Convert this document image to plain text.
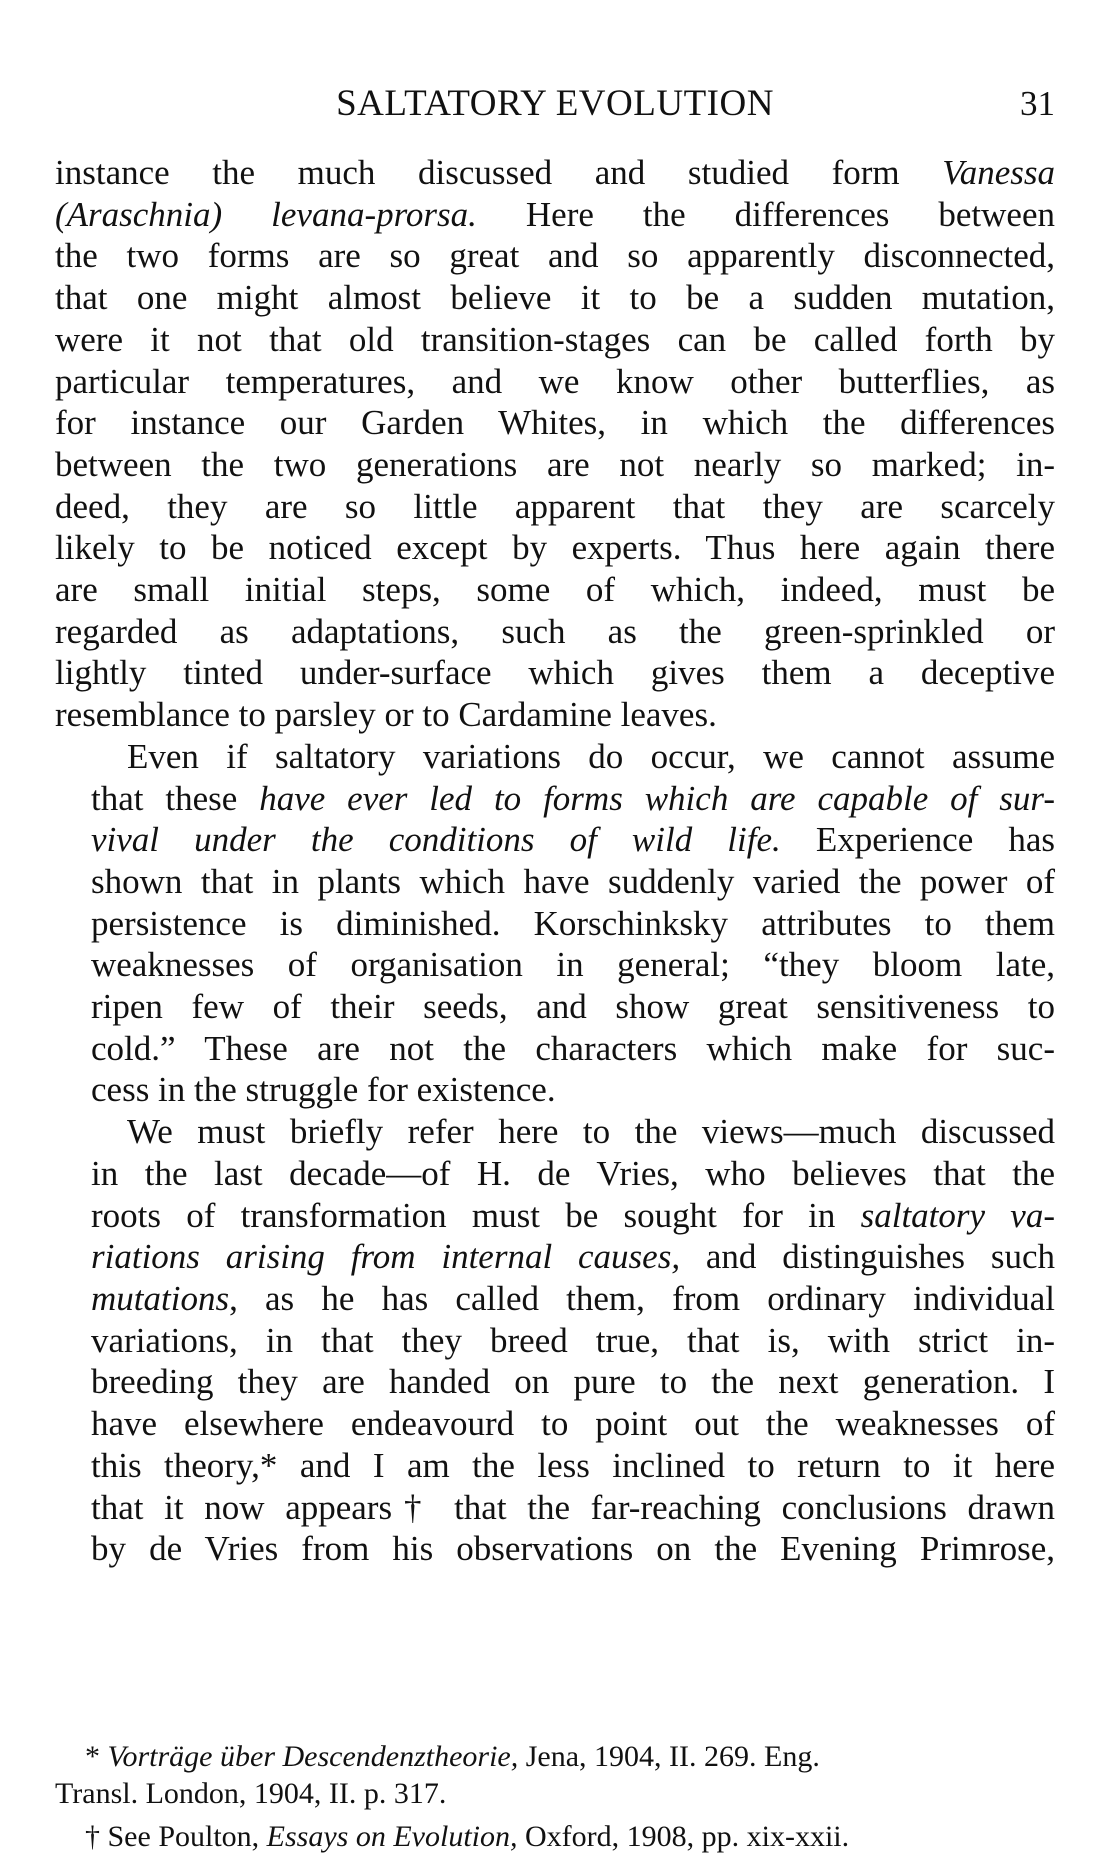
SALTATORY EVOLUTION	31

instance the much discussed and studied form Vanessa
(Araschnia) levana-prorsa. Here the differences between
the two forms are so great and so apparently disconnected,
that one might almost believe it to be a sudden mutation,
were it not that old transition-stages can be called forth by
particular temperatures, and we know other butterflies, as
for instance our Garden Whites, in which the differences
between the two generations are not nearly so marked; in-
deed, they are so little apparent that they are scarcely
likely to be noticed except by experts. Thus here again there
are small initial steps, some of which, indeed, must be
regarded as adaptations, such as the green-sprinkled or
lightly tinted under-surface which gives them a deceptive
resemblance to parsley or to Cardamine leaves.

Even if saltatory variations do occur, we cannot assume
that these have ever led to forms which are capable of sur-
vival under the conditions of wild life. Experience has
shown that in plants which have suddenly varied the power of
persistence is diminished. Korschinksky attributes to them
weaknesses of organisation in general; “they bloom late,
ripen few of their seeds, and show great sensitiveness to
cold.” These are not the characters which make for suc-
cess in the struggle for existence.

We must briefly refer here to the views—much discussed
in the last decade—of H. de Vries, who believes that the
roots of transformation must be sought for in saltatory va-
riations arising from internal causes, and distinguishes such
mutations, as he has called them, from ordinary individual
variations, in that they breed true, that is, with strict in-
breeding they are handed on pure to the next generation. I
have elsewhere endeavourd to point out the weaknesses of
this theory,* and I am the less inclined to return to it here
that it now appears† that the far-reaching conclusions drawn
by de Vries from his observations on the Evening Primrose,

* Vorträge über Descendenztheorie, Jena, 1904, II. 269. Eng.
Transl. London, 1904, II. p. 317.

† See Poulton, Essays on Evolution, Oxford, 1908, pp. xix-xxii.
